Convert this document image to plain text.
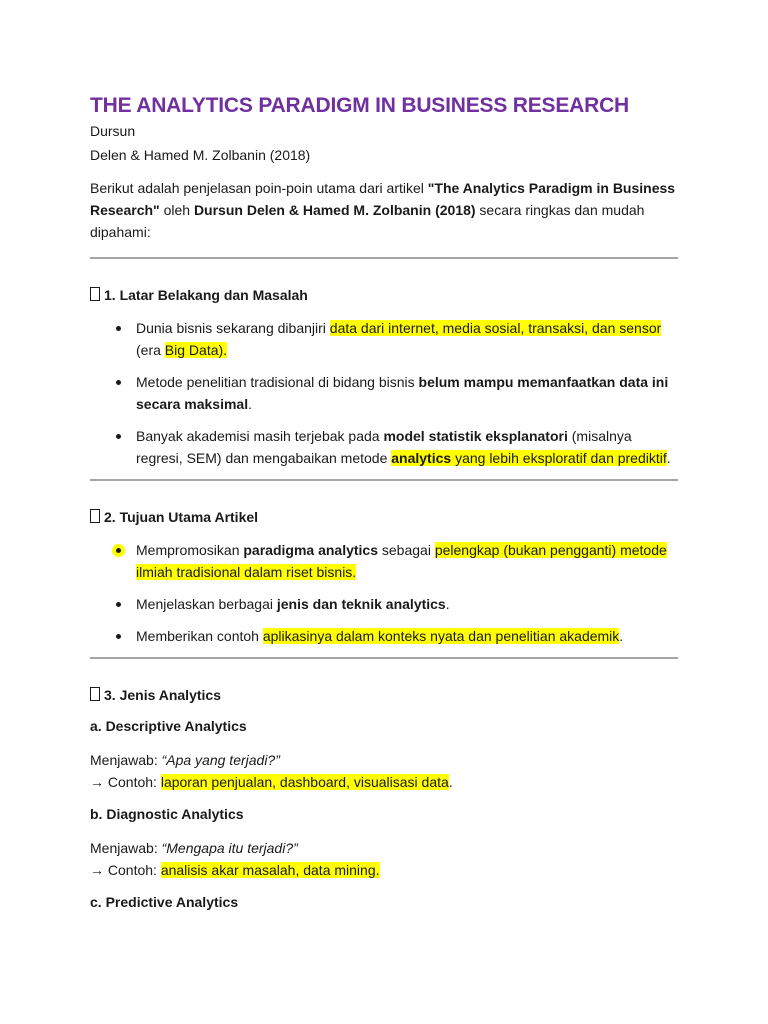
THE ANALYTICS PARADIGM IN BUSINESS RESEARCH Dursun
Delen & Hamed M. Zolbanin (2018)

Berikut adalah penjelasan poin-poin utama dari artikel "The Analytics Paradigm in Business Research" oleh Dursun Delen & Hamed M. Zolbanin (2018) secara ringkas dan mudah dipahami:

1. Latar Belakang dan Masalah
Dunia bisnis sekarang dibanjiri data dari internet, media sosial, transaksi, dan sensor (era Big Data).
Metode penelitian tradisional di bidang bisnis belum mampu memanfaatkan data ini secara maksimal.
Banyak akademisi masih terjebak pada model statistik eksplanatori (misalnya regresi, SEM) dan mengabaikan metode analytics yang lebih eksploratif dan prediktif.
2. Tujuan Utama Artikel
Mempromosikan paradigma analytics sebagai pelengkap (bukan pengganti) metode ilmiah tradisional dalam riset bisnis.
Menjelaskan berbagai jenis dan teknik analytics.
Memberikan contoh aplikasinya dalam konteks nyata dan penelitian akademik.
3. Jenis Analytics
a. Descriptive Analytics
Menjawab: “Apa yang terjadi?”
→ Contoh: laporan penjualan, dashboard, visualisasi data.
b. Diagnostic Analytics
Menjawab: “Mengapa itu terjadi?”
→ Contoh: analisis akar masalah, data mining.
c. Predictive Analytics
